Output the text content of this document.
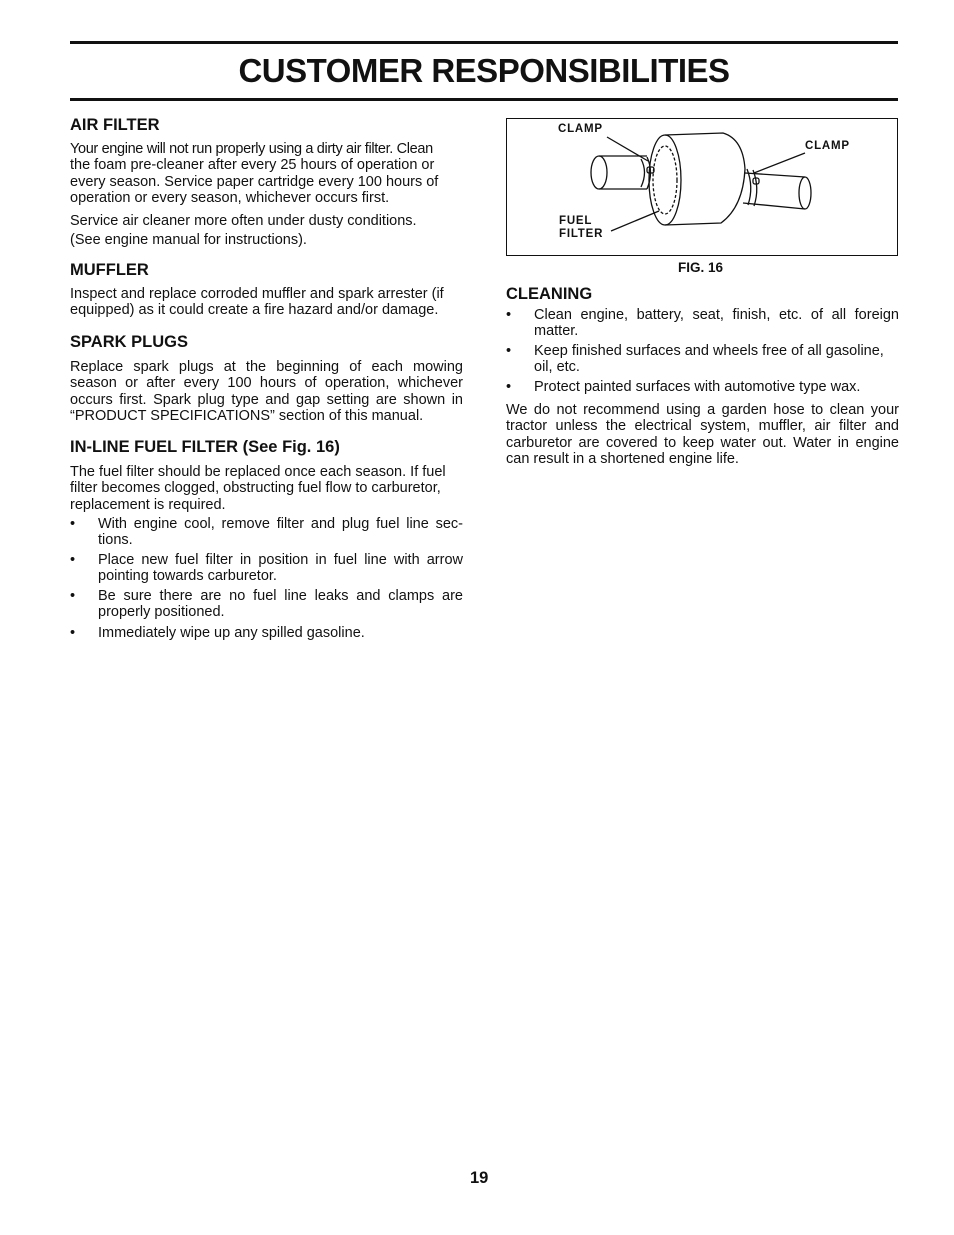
CUSTOMER RESPONSIBILITIES
AIR FILTER
Your engine will not run properly using a dirty air filter. Clean
the foam pre-cleaner after every 25 hours of operation or
every season. Service paper cartridge every 100 hours of
operation or every season, whichever occurs first.
Service air cleaner more often under dusty conditions.
(See engine manual for instructions).
MUFFLER
Inspect and replace corroded muffler and spark arrester (if
equipped) as it could create a fire hazard and/or damage.
SPARK PLUGS
Replace spark plugs at the beginning of each mowing
season or after every 100 hours of operation, whichever
occurs first. Spark plug type and gap setting are shown in
“PRODUCT SPECIFICATIONS” section of this manual.
IN-LINE FUEL FILTER (See Fig. 16)
The fuel filter should be replaced once each season. If fuel
filter becomes clogged, obstructing fuel flow to carburetor,
replacement is required.
• With engine cool, remove filter and plug fuel line sec-
tions.
• Place new fuel filter in position in fuel line with arrow
pointing towards carburetor.
• Be sure there are no fuel line leaks and clamps are
properly positioned.
• Immediately wipe up any spilled gasoline.
CLAMP
CLAMP
FUEL
FILTER
FIG. 16
CLEANING
• Clean engine, battery, seat, finish, etc. of all foreign
matter.
• Keep finished surfaces and wheels free of all gasoline,
oil, etc.
• Protect painted surfaces with automotive type wax.
We do not recommend using a garden hose to clean your
tractor unless the electrical system, muffler, air filter and
carburetor are covered to keep water out. Water in engine
can result in a shortened engine life.
19
